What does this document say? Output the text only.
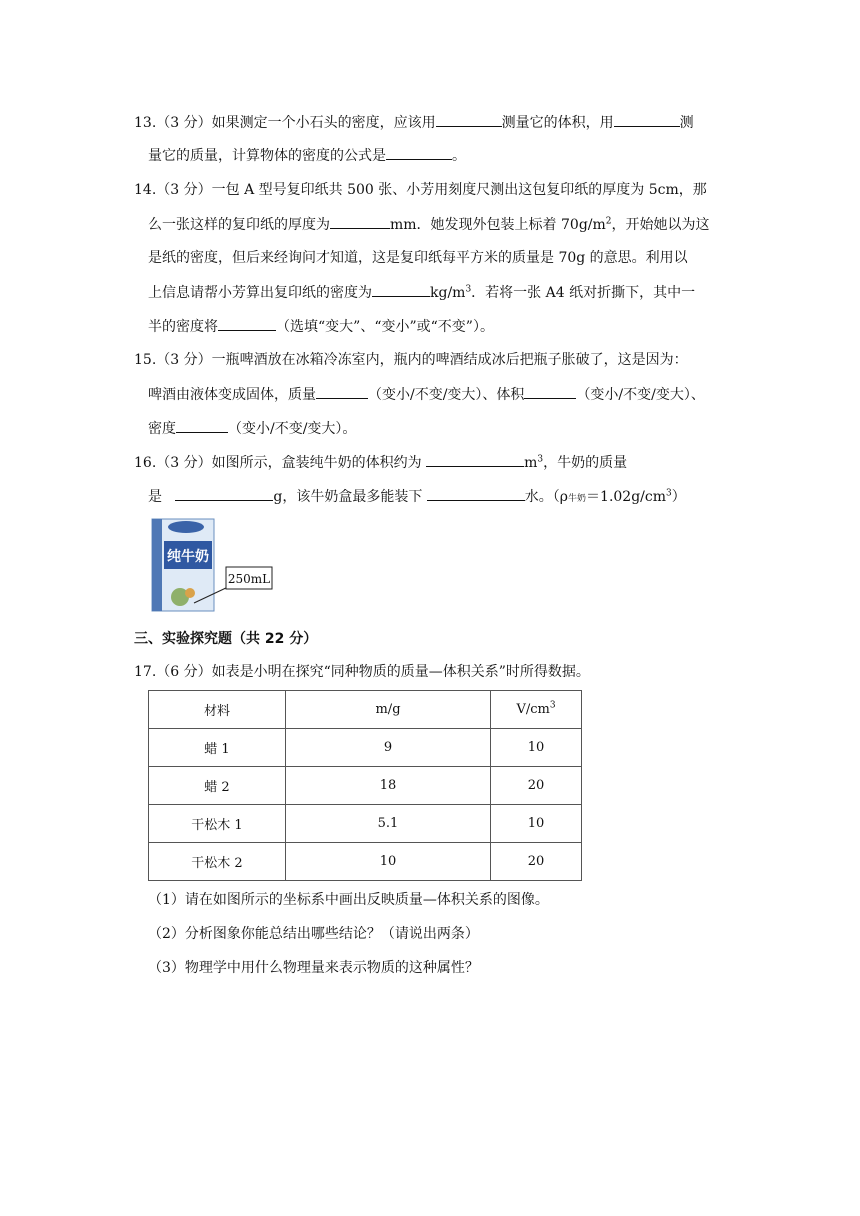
13.（3 分）如果测定一个小石头的密度，应该用	测量它的体积，用	测
量它的质量，计算物体的密度的公式是	。
14.（3 分）一包 A 型号复印纸共 500 张、小芳用刻度尺测出这包复印纸的厚度为 5cm，那
么一张这样的复印纸的厚度为	mm．她发现外包装上标着 $70g/m^2$，开始她以为这
是纸的密度，但后来经询问才知道，这是复印纸每平方米的质量是 70g 的意思。利用以
上信息请帮小芳算出复印纸的密度为	$kg/m^3$．若将一张 A4 纸对折撕下，其中一
半的密度将	（选填“变大”、“变小”或“不变”）。
15.（3 分）一瓶啤酒放在冰箱冷冻室内，瓶内的啤酒结成冰后把瓶子胀破了，这是因为：
啤酒由液体变成固体，质量	（变小/不变/变大）、体积	（变小/不变/变大）、
密度	（变小/不变/变大）。
16.（3 分）如图所示，盒装纯牛奶的体积约为	$m^3$，牛奶的质量
是	g，该牛奶盒最多能装下	水。（ρ牛奶$=1.02g/cm^3$）
纯牛奶
250mL
三、实验探究题（共 22 分）
17.（6 分）如表是小明在探究“同种物质的质量—体积关系”时所得数据。
材料	m/g	$V/cm^3$
蜡 1	9	10
蜡 2	18	20
干松木 1	5.1	10
干松木 2	10	20
（1）请在如图所示的坐标系中画出反映质量—体积关系的图像。
（2）分析图象你能总结出哪些结论？（请说出两条）
（3）物理学中用什么物理量来表示物质的这种属性？
